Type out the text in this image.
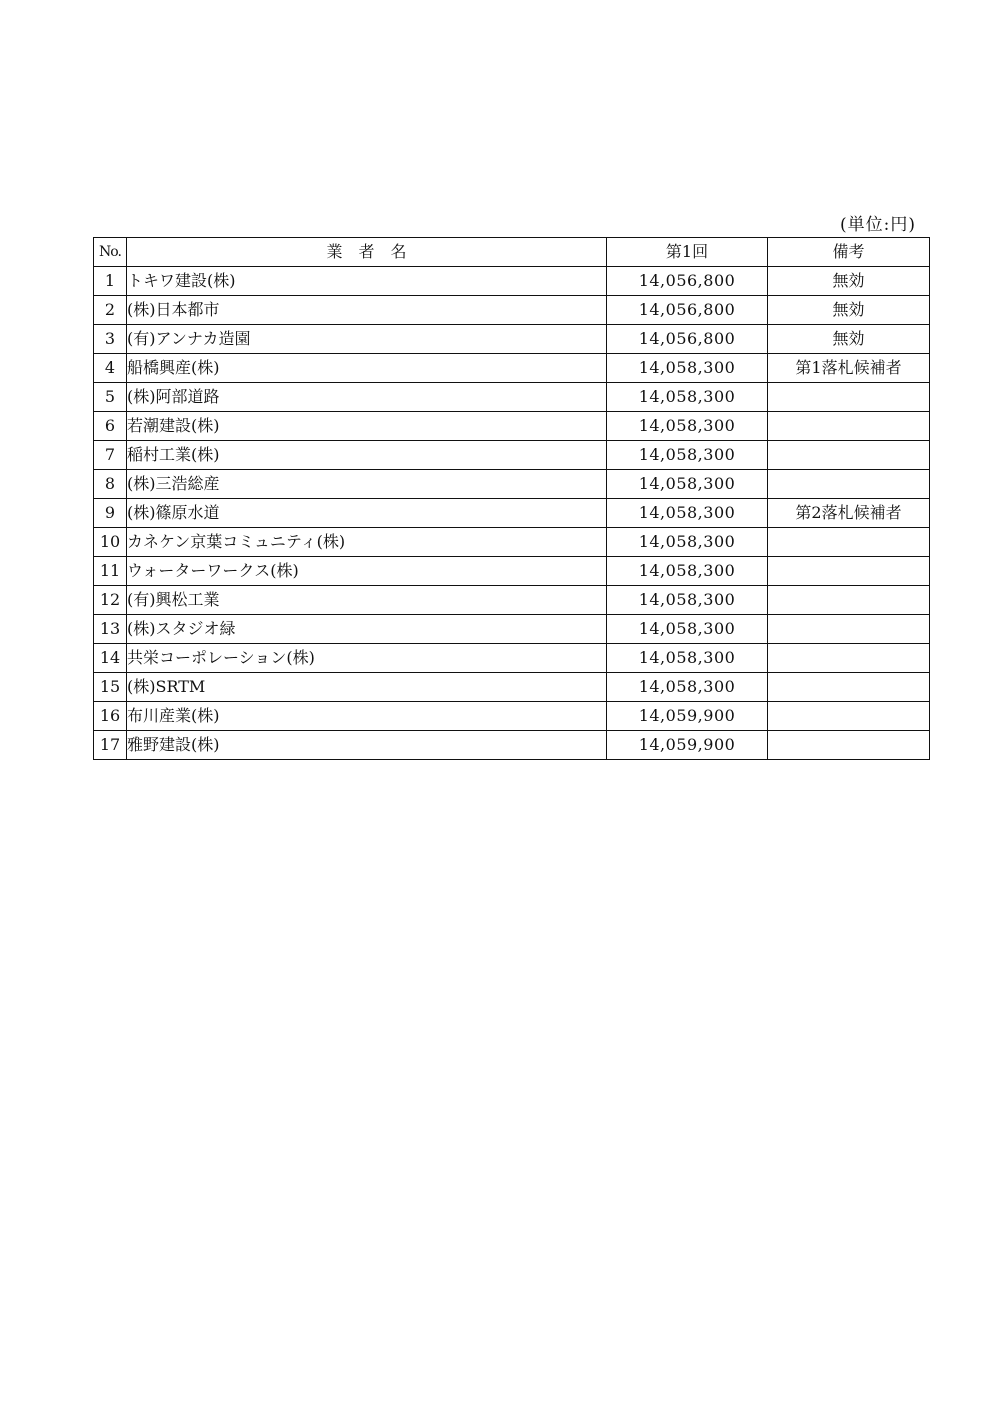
(単位:円)
No.	業　者　名	第1回	備考
1	トキワ建設(株)	14,056,800	無効
2	(株)日本都市	14,056,800	無効
3	(有)アンナカ造園	14,056,800	無効
4	船橋興産(株)	14,058,300	第1落札候補者
5	(株)阿部道路	14,058,300	
6	若潮建設(株)	14,058,300	
7	稲村工業(株)	14,058,300	
8	(株)三浩総産	14,058,300	
9	(株)篠原水道	14,058,300	第2落札候補者
10	カネケン京葉コミュニティ(株)	14,058,300	
11	ウォーターワークス(株)	14,058,300	
12	(有)興松工業	14,058,300	
13	(株)スタジオ緑	14,058,300	
14	共栄コーポレーション(株)	14,058,300	
15	(株)SRTM	14,058,300	
16	布川産業(株)	14,059,900	
17	雅野建設(株)	14,059,900	
